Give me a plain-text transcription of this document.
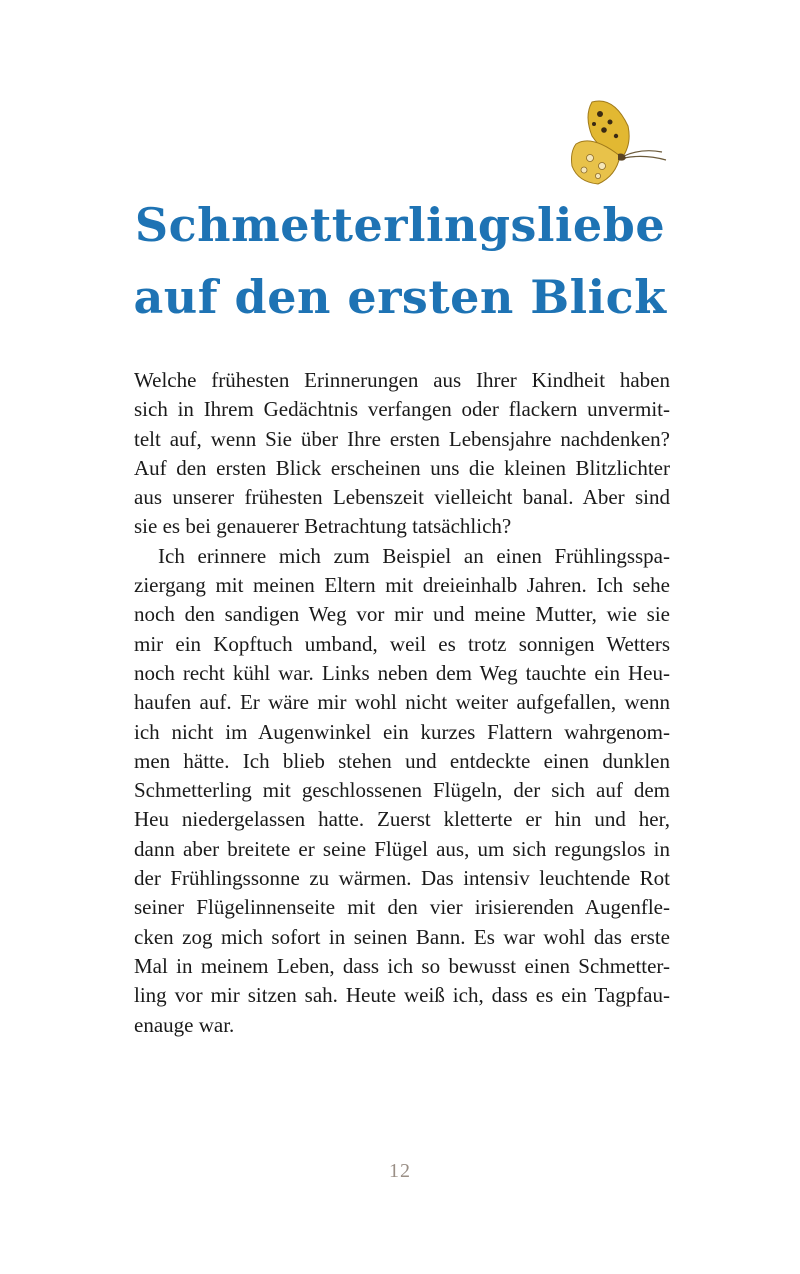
Schmetterlingsliebe
auf den ersten Blick

Welche frühesten Erinnerungen aus Ihrer Kindheit haben
sich in Ihrem Gedächtnis verfangen oder flackern unvermit-
telt auf, wenn Sie über Ihre ersten Lebensjahre nachdenken?
Auf den ersten Blick erscheinen uns die kleinen Blitzlichter
aus unserer frühesten Lebenszeit vielleicht banal. Aber sind
sie es bei genauerer Betrachtung tatsächlich?

Ich erinnere mich zum Beispiel an einen Frühlingsspa-
ziergang mit meinen Eltern mit dreieinhalb Jahren. Ich sehe
noch den sandigen Weg vor mir und meine Mutter, wie sie
mir ein Kopftuch umband, weil es trotz sonnigen Wetters
noch recht kühl war. Links neben dem Weg tauchte ein Heu-
haufen auf. Er wäre mir wohl nicht weiter aufgefallen, wenn
ich nicht im Augenwinkel ein kurzes Flattern wahrgenom-
men hätte. Ich blieb stehen und entdeckte einen dunklen
Schmetterling mit geschlossenen Flügeln, der sich auf dem
Heu niedergelassen hatte. Zuerst kletterte er hin und her,
dann aber breitete er seine Flügel aus, um sich regungslos in
der Frühlingssonne zu wärmen. Das intensiv leuchtende Rot
seiner Flügelinnenseite mit den vier irisierenden Augenfle-
cken zog mich sofort in seinen Bann. Es war wohl das erste
Mal in meinem Leben, dass ich so bewusst einen Schmetter-
ling vor mir sitzen sah. Heute weiß ich, dass es ein Tagpfau-
enauge war.

12
